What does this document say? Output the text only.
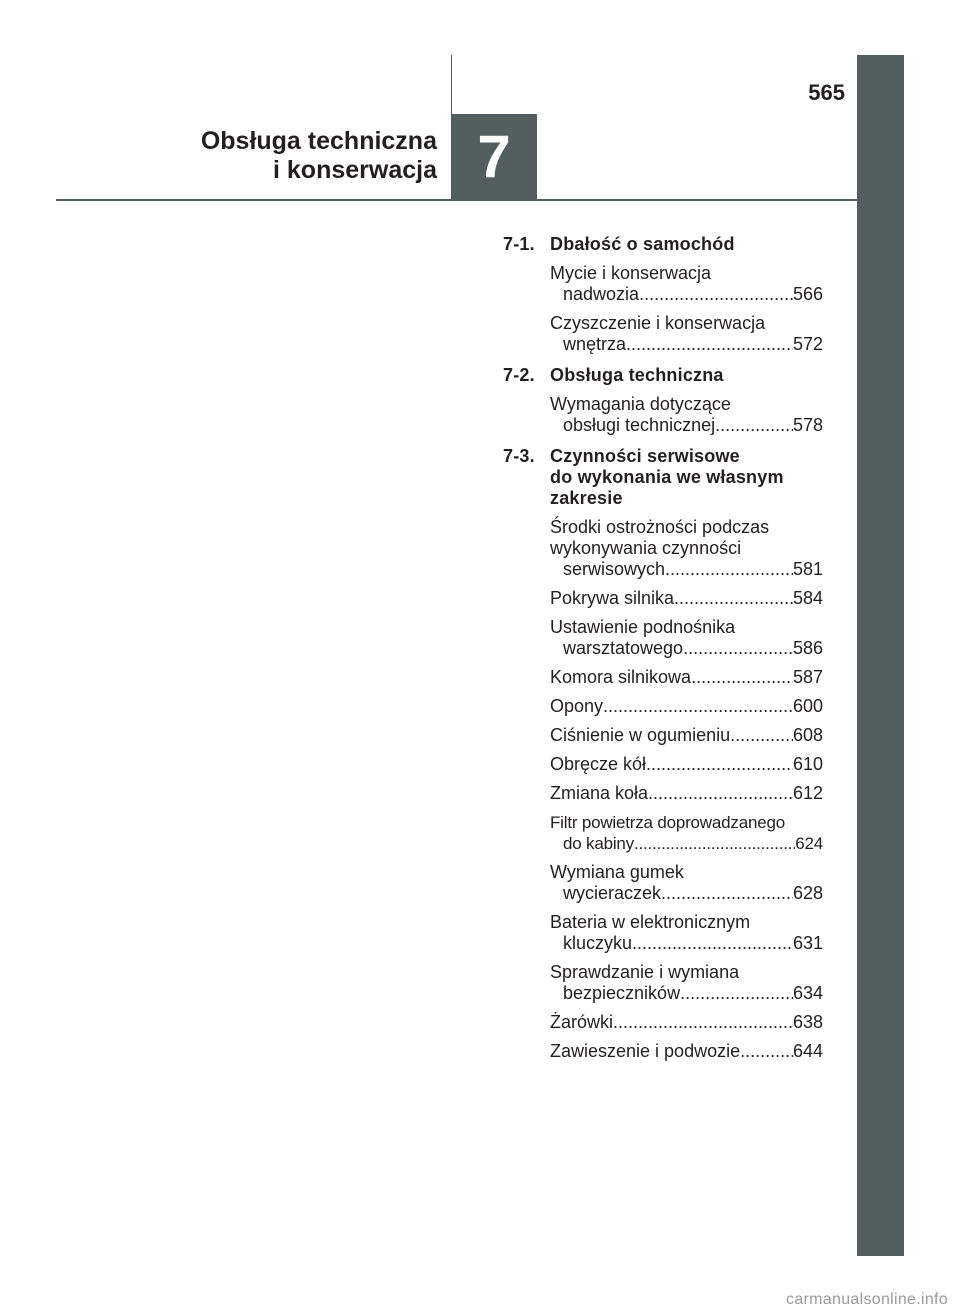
7
565
Obsługa techniczna
i konserwacja
7-1. Dbałość o samochód
Mycie i konserwacja
nadwozia .....	566
Czyszczenie i konserwacja
wnętrza .....	572
7-2. Obsługa techniczna
Wymagania dotyczące
obsługi technicznej .....	578
7-3. Czynności serwisowe
do wykonania we własnym
zakresie
Środki ostrożności podczas
wykonywania czynności
serwisowych .....	581
Pokrywa silnika .....	584
Ustawienie podnośnika
warsztatowego .....	586
Komora silnikowa .....	587
Opony .....	600
Ciśnienie w ogumieniu .....	608
Obręcze kół .....	610
Zmiana koła .....	612
Filtr powietrza doprowadzanego
do kabiny .....	624
Wymiana gumek
wycieraczek .....	628
Bateria w elektronicznym
kluczyku .....	631
Sprawdzanie i wymiana
bezpieczników .....	634
Żarówki .....	638
Zawieszenie i podwozie .....	644
carmanualsonline.info
